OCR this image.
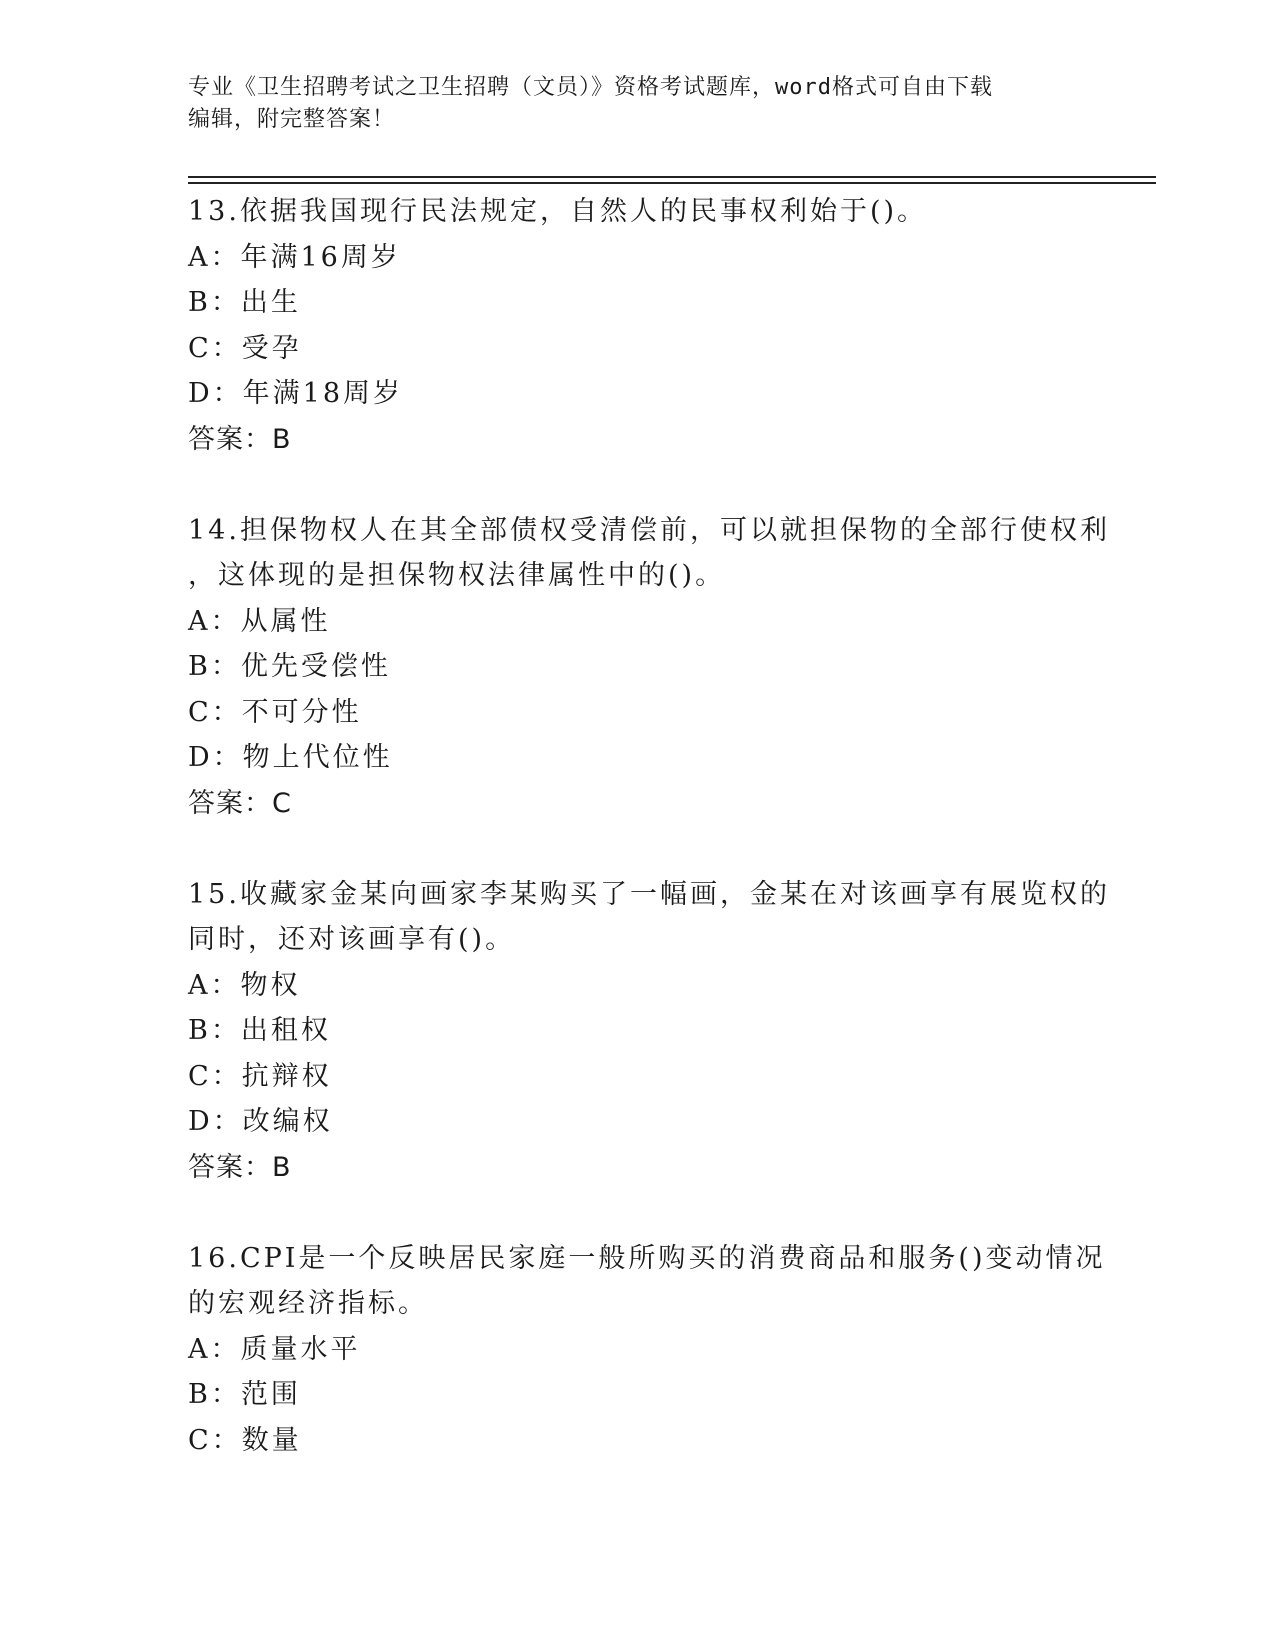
专业《卫生招聘考试之卫生招聘（文员）》资格考试题库，word格式可自由下载
编辑，附完整答案！
13.依据我国现行民法规定，自然人的民事权利始于()。
A：年满16周岁
B：出生
C：受孕
D：年满18周岁
答案：B
14.担保物权人在其全部债权受清偿前，可以就担保物的全部行使权利
，这体现的是担保物权法律属性中的()。
A：从属性
B：优先受偿性
C：不可分性
D：物上代位性
答案：C
15.收藏家金某向画家李某购买了一幅画，金某在对该画享有展览权的
同时，还对该画享有()。
A：物权
B：出租权
C：抗辩权
D：改编权
答案：B
16.CPI是一个反映居民家庭一般所购买的消费商品和服务()变动情况
的宏观经济指标。
A：质量水平
B：范围
C：数量
